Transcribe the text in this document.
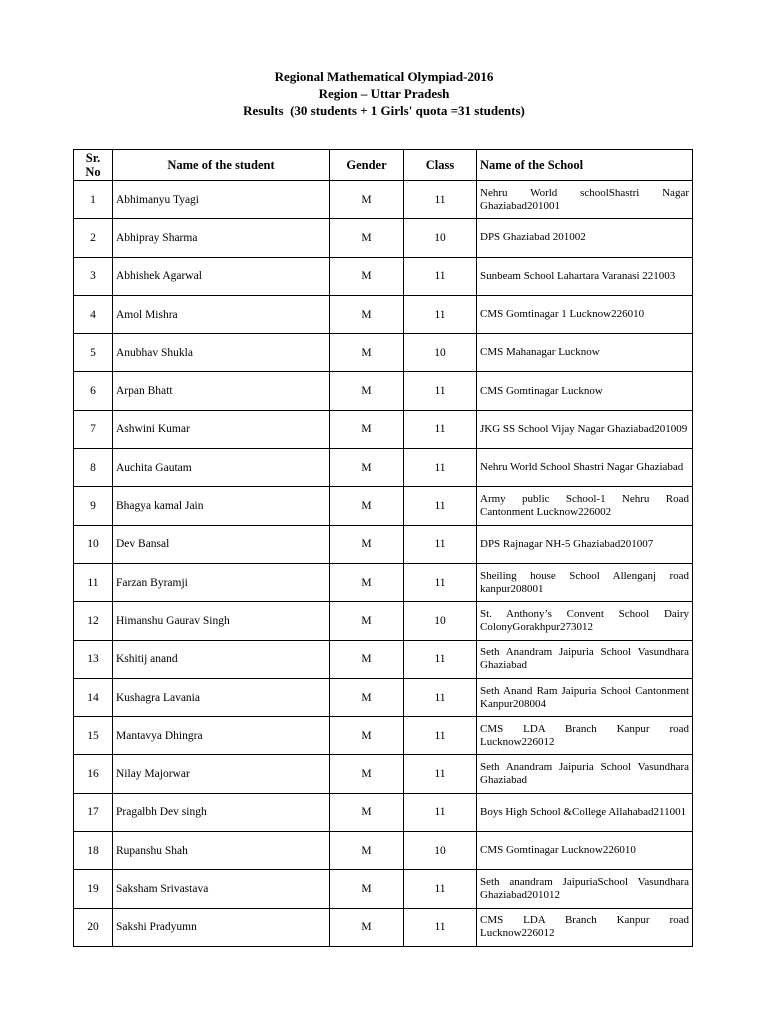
Regional Mathematical Olympiad-2016
Region – Uttar Pradesh
Results  (30 students + 1 Girls' quota =31 students)
Sr. No	Name of the student	Gender	Class	Name of the School
1	Abhimanyu Tyagi	M	11	Nehru World schoolShastri Nagar Ghaziabad201001
2	Abhipray Sharma	M	10	DPS Ghaziabad 201002
3	Abhishek Agarwal	M	11	Sunbeam School Lahartara Varanasi 221003
4	Amol Mishra	M	11	CMS Gomtinagar 1 Lucknow226010
5	Anubhav Shukla	M	10	CMS Mahanagar Lucknow
6	Arpan Bhatt	M	11	CMS Gomtinagar Lucknow
7	Ashwini Kumar	M	11	JKG SS School Vijay Nagar Ghaziabad201009
8	Auchita Gautam	M	11	Nehru World School Shastri Nagar Ghaziabad
9	Bhagya kamal Jain	M	11	Army public School-1 Nehru Road Cantonment Lucknow226002
10	Dev Bansal	M	11	DPS Rajnagar NH-5 Ghaziabad201007
11	Farzan Byramji	M	11	Sheiling house School Allenganj road kanpur208001
12	Himanshu Gaurav Singh	M	10	St. Anthony’s Convent School Dairy ColonyGorakhpur273012
13	Kshitij anand	M	11	Seth Anandram Jaipuria School Vasundhara Ghaziabad
14	Kushagra Lavania	M	11	Seth Anand Ram Jaipuria School Cantonment Kanpur208004
15	Mantavya Dhingra	M	11	CMS LDA Branch Kanpur road Lucknow226012
16	Nilay Majorwar	M	11	Seth Anandram Jaipuria School Vasundhara Ghaziabad
17	Pragalbh Dev singh	M	11	Boys High School &College Allahabad211001
18	Rupanshu Shah	M	10	CMS Gomtinagar Lucknow226010
19	Saksham Srivastava	M	11	Seth anandram JaipuriaSchool Vasundhara Ghaziabad201012
20	Sakshi Pradyumn	M	11	CMS LDA Branch Kanpur road Lucknow226012
